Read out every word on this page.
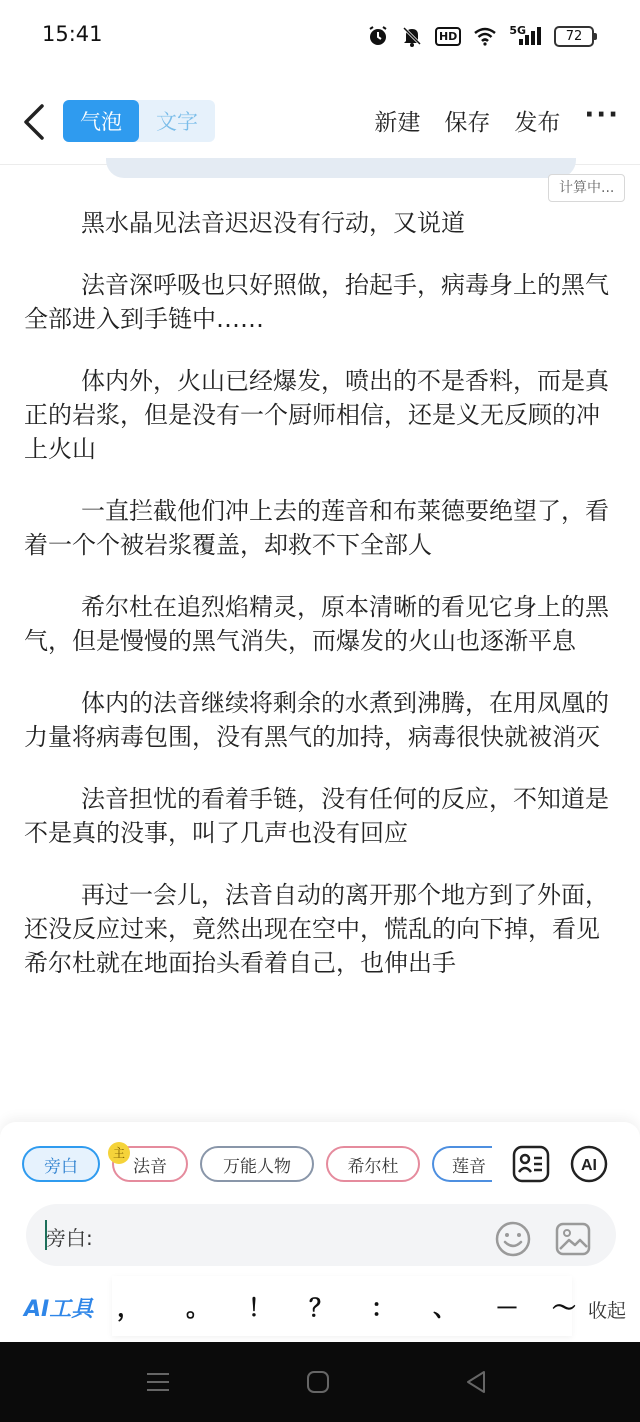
15:41	HD	5G	72
气泡	文字	新建 保存 发布 ···
计算中...

黑水晶见法音迟迟没有行动，又说道

法音深呼吸也只好照做，抬起手，病毒身上的黑气全部进入到手链中……

体内外，火山已经爆发，喷出的不是香料，而是真正的岩浆，但是没有一个厨师相信，还是义无反顾的冲上火山

一直拦截他们冲上去的莲音和布莱德要绝望了，看着一个个被岩浆覆盖，却救不下全部人

希尔杜在追烈焰精灵，原本清晰的看见它身上的黑气，但是慢慢的黑气消失，而爆发的火山也逐渐平息

体内的法音继续将剩余的水煮到沸腾，在用凤凰的力量将病毒包围，没有黑气的加持，病毒很快就被消灭

法音担忧的看着手链，没有任何的反应，不知道是不是真的没事，叫了几声也没有回应

再过一会儿，法音自动的离开那个地方到了外面，还没反应过来，竟然出现在空中，慌乱的向下掉，看见希尔杜就在地面抬头看着自己，也伸出手

旁白	法音	万能人物	希尔杜	莲音
主
AI
旁白:
AI工具 ， 。 ！ ？ ： 、 － ～ 收起
